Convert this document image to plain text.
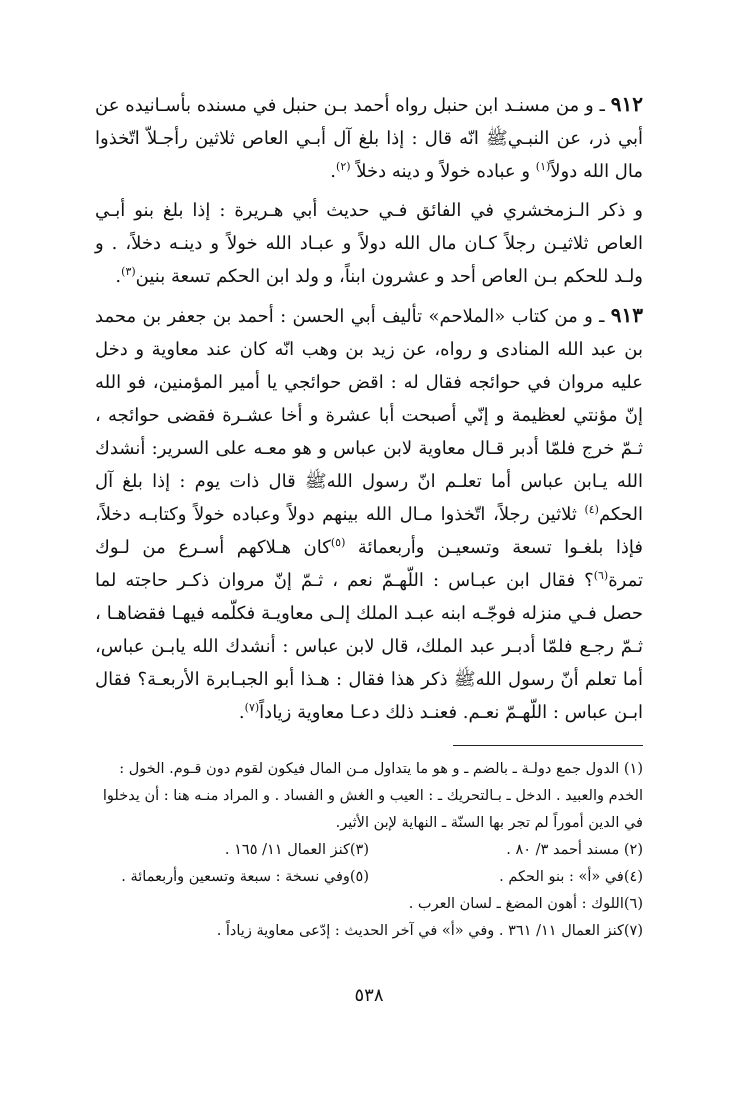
٩١٢ ـ و من مسنـد ابن حنبل رواه أحمد بـن حنبل في مسنده بأسـانيده عن أبي ذر، عن النبـيﷺ انّه قال : إذا بلغ آل أبـي العاص ثلاثين رأجـلاّ اتّخذوا مال الله دولاً$^{(١)}$ و عباده خولاً و دينه دخلاً $^{(٢)}$.

و ذكر الـزمخشري في الفائق فـي حديث أبي هـريرة : إذا بلغ بنو أبـي العاص ثلاثيـن رجلاً كـان مال الله دولاً و عبـاد الله خولاً و دينـه دخلاً، . و ولـد للحكم بـن العاص أحد و عشرون ابناً، و ولد ابن الحكم تسعة بنين$^{(٣)}$.

٩١٣ ـ و من كتاب «الملاحم» تأليف أبي الحسن : أحمد بن جعفر بن محمد بن عبد الله المنادى و رواه، عن زيد بن وهب انّه كان عند معاوية و دخل عليه مروان في حوائجه فقال له : اقض حوائجي يا أمير المؤمنين، فو الله إنّ مؤنتي لعظيمة و إنّي أصبحت أبا عشرة و أخا عشـرة فقضى حوائجه ، ثـمّ خرج فلمّا أدبر قـال معاوية لابن عباس و هو معـه على السرير: أنشدك الله يـابن عباس أما تعلـم انّ رسول اللهﷺ قال ذات يوم : إذا بلغ آل الحكم$^{(٤)}$ ثلاثين رجلاً، اتّخذوا مـال الله بينهم دولاً وعباده خولاً وكتابـه دخلاً، فإذا بلغـوا تسعة وتسعيـن وأربعمائة $^{(٥)}$كان هـلاكهم أسـرع من لـوك تمرة$^{(٦)}$؟ فقال ابن عبـاس : اللّهـمّ نعم ، ثـمّ إنّ مروان ذكـر حاجته لما حصل فـي منزله فوجّـه ابنه عبـد الملك إلـى معاويـة فكلّمه فيهـا فقضاهـا ، ثـمّ رجـع فلمّا أدبـر عبد الملك، قال لابن عباس : أنشدك الله يابـن عباس، أما تعلم أنّ رسول اللهﷺ ذكر هذا فقال : هـذا أبو الجبـابرة الأربعـة؟ فقال ابـن عباس : اللّهـمّ نعـم. فعنـد ذلك دعـا معاوية زياداً$^{(٧)}$.

(١) الدول جمع دولـة ـ بالضم ـ و هو ما يتداول مـن المال فيكون لقوم دون قـوم. الخول : الخدم والعبيد . الدخل ـ بـالتحريك ـ : العيب و الغش و الفساد . و المراد منـه هنا : أن يدخلوا في الدين أموراً لم تجر بها السنّة ـ النهاية لإبن الأثير.

(٢) مسند أحمد ٣/ ٨٠ .
(٣)كنز العمال ١١/ ١٦٥ .
(٤)في «أ» : بنو الحكم .
(٥)وفي نسخة : سبعة وتسعين وأربعمائة .

(٦)اللوك : أهون المضغ ـ لسان العرب .

(٧)كنز العمال ١١/ ٣٦١ . وفي «أ» في آخر الحديث : إدّعى معاوية زياداً .

٥٣٨
